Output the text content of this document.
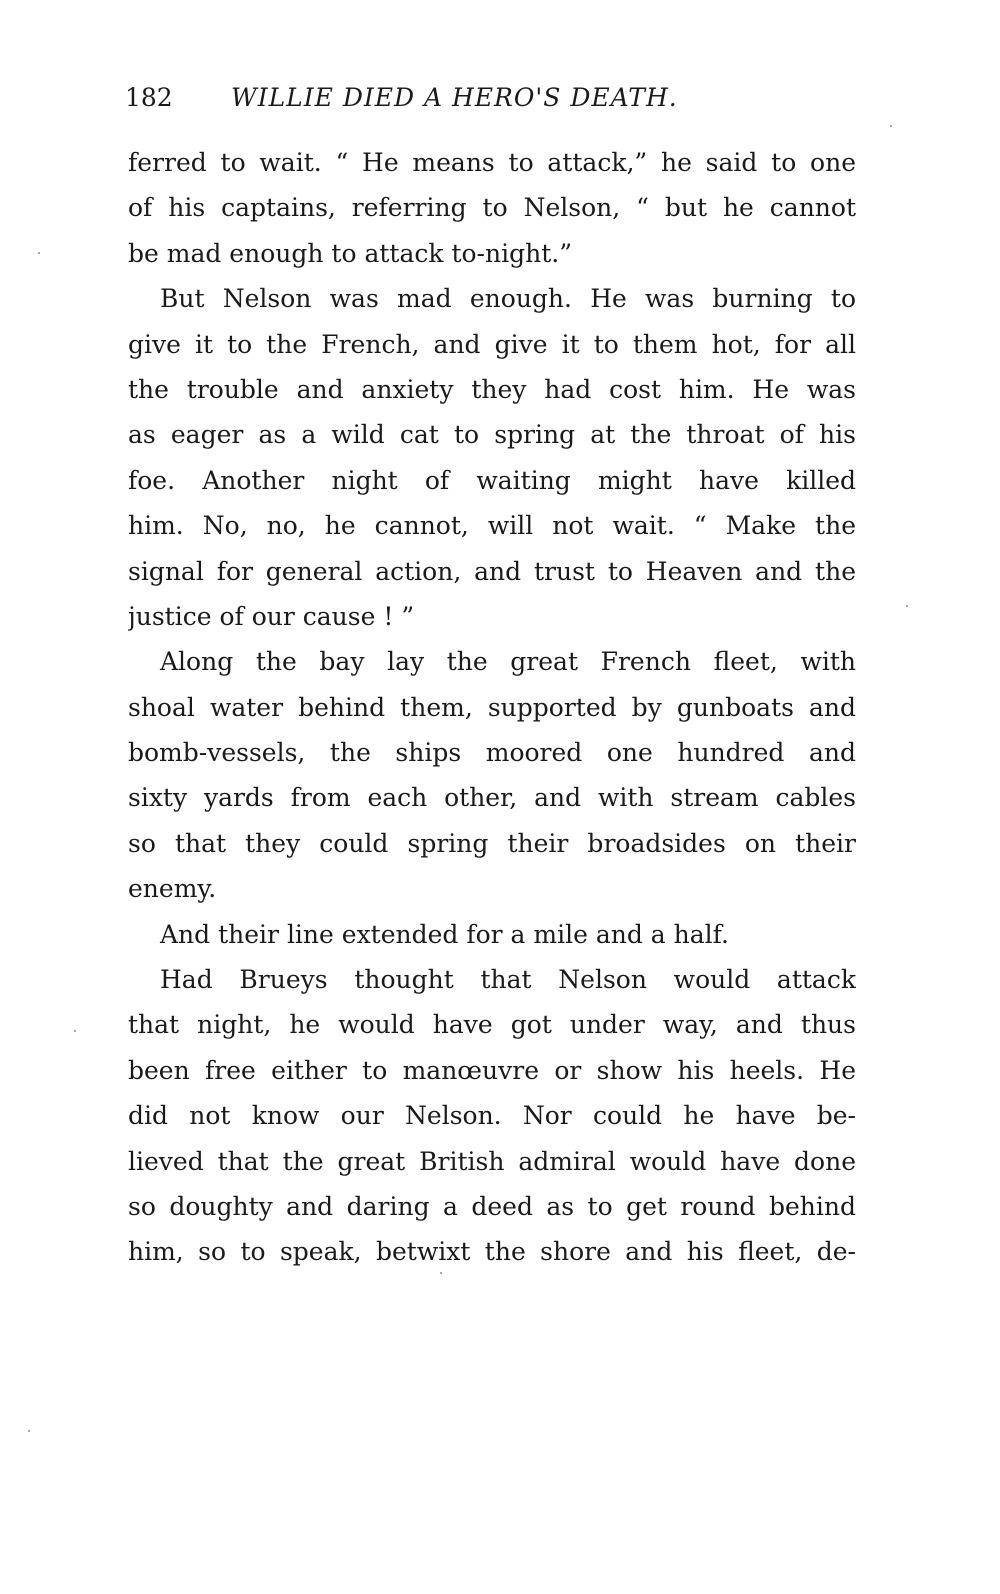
182 WILLIE DIED A HERO'S DEATH.
ferred to wait. “ He means to attack,” he said to one
of his captains, referring to Nelson, “ but he cannot
be mad enough to attack to-night.”
But Nelson was mad enough. He was burning to
give it to the French, and give it to them hot, for all
the trouble and anxiety they had cost him. He was
as eager as a wild cat to spring at the throat of his
foe. Another night of waiting might have killed
him. No, no, he cannot, will not wait. “ Make the
signal for general action, and trust to Heaven and the
justice of our cause ! ”
Along the bay lay the great French fleet, with
shoal water behind them, supported by gunboats and
bomb-vessels, the ships moored one hundred and
sixty yards from each other, and with stream cables
so that they could spring their broadsides on their
enemy.
And their line extended for a mile and a half.
Had Brueys thought that Nelson would attack
that night, he would have got under way, and thus
been free either to manœuvre or show his heels. He
did not know our Nelson. Nor could he have be-
lieved that the great British admiral would have done
so doughty and daring a deed as to get round behind
him, so to speak, betwixt the shore and his fleet, de-
